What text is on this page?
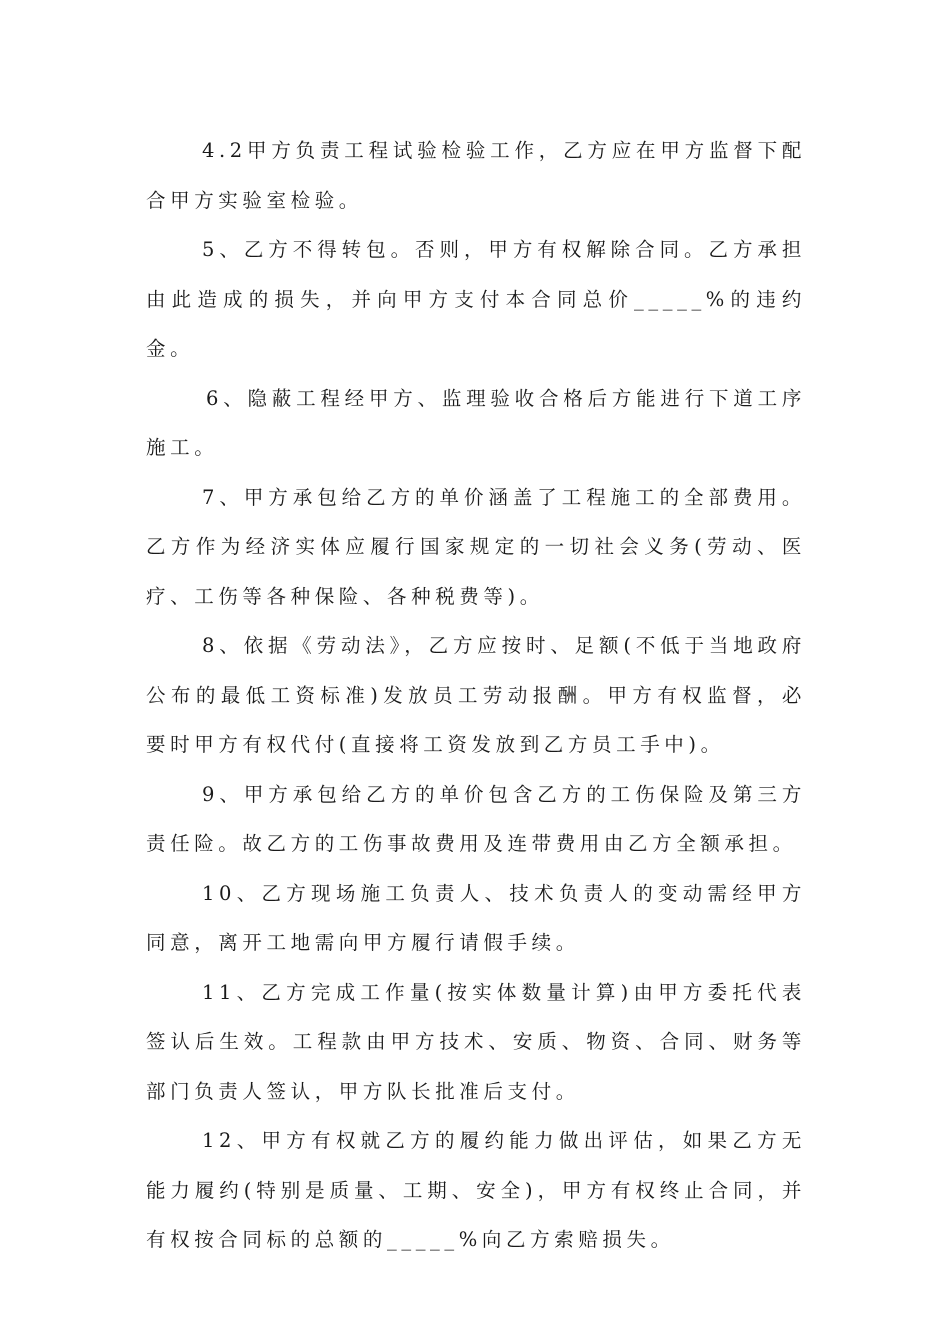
4.2甲方负责工程试验检验工作，乙方应在甲方监督下配合甲方实验室检验。

5、乙方不得转包。否则，甲方有权解除合同。乙方承担由此造成的损失，并向甲方支付本合同总价_____%的违约金。

6、隐蔽工程经甲方、监理验收合格后方能进行下道工序施工。

7、甲方承包给乙方的单价涵盖了工程施工的全部费用。乙方作为经济实体应履行国家规定的一切社会义务(劳动、医疗、工伤等各种保险、各种税费等)。

8、依据《劳动法》，乙方应按时、足额(不低于当地政府公布的最低工资标准)发放员工劳动报酬。甲方有权监督，必要时甲方有权代付(直接将工资发放到乙方员工手中)。

9、甲方承包给乙方的单价包含乙方的工伤保险及第三方责任险。故乙方的工伤事故费用及连带费用由乙方全额承担。

10、乙方现场施工负责人、技术负责人的变动需经甲方同意，离开工地需向甲方履行请假手续。

11、乙方完成工作量(按实体数量计算)由甲方委托代表签认后生效。工程款由甲方技术、安质、物资、合同、财务等部门负责人签认，甲方队长批准后支付。

12、甲方有权就乙方的履约能力做出评估，如果乙方无能力履约(特别是质量、工期、安全)，甲方有权终止合同，并有权按合同标的总额的_____%向乙方索赔损失。
